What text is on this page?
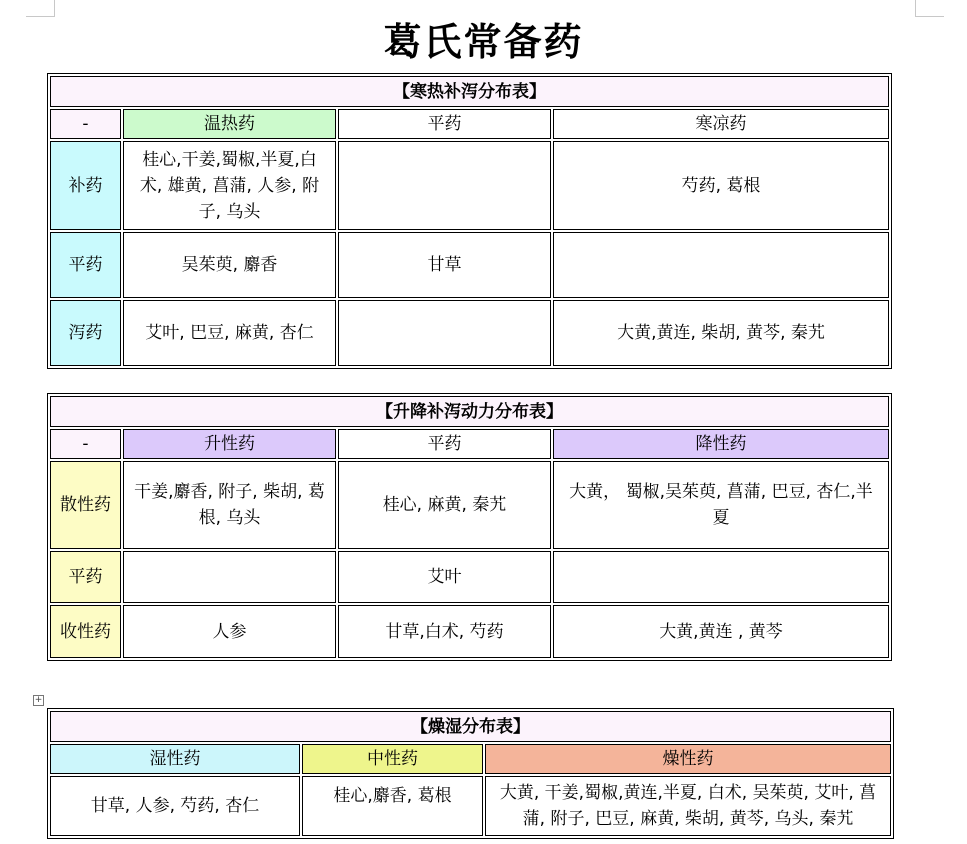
葛氏常备药
【寒热补泻分布表】			
-	温热药	平药	寒凉药
补药	桂心,干姜,蜀椒,半夏,白术, 雄黄, 菖蒲, 人参, 附子, 乌头		芍药, 葛根
平药	吴茱萸, 麝香	甘草	
泻药	艾叶, 巴豆, 麻黄, 杏仁		大黄,黄连, 柴胡, 黄芩, 秦艽
【升降补泻动力分布表】			
-	升性药	平药	降性药
散性药	干姜,麝香, 附子, 柴胡, 葛根, 乌头	桂心, 麻黄, 秦艽	大黄， 蜀椒,吴茱萸, 菖蒲, 巴豆, 杏仁,半夏
平药		艾叶	
收性药	人参	甘草,白术, 芍药	大黄,黄连 , 黄芩
+
【燥湿分布表】		
湿性药	中性药	燥性药
甘草, 人参, 芍药, 杏仁	桂心,麝香, 葛根	大黄, 干姜,蜀椒,黄连,半夏, 白术, 吴茱萸, 艾叶, 菖蒲, 附子, 巴豆, 麻黄, 柴胡, 黄芩, 乌头, 秦艽
